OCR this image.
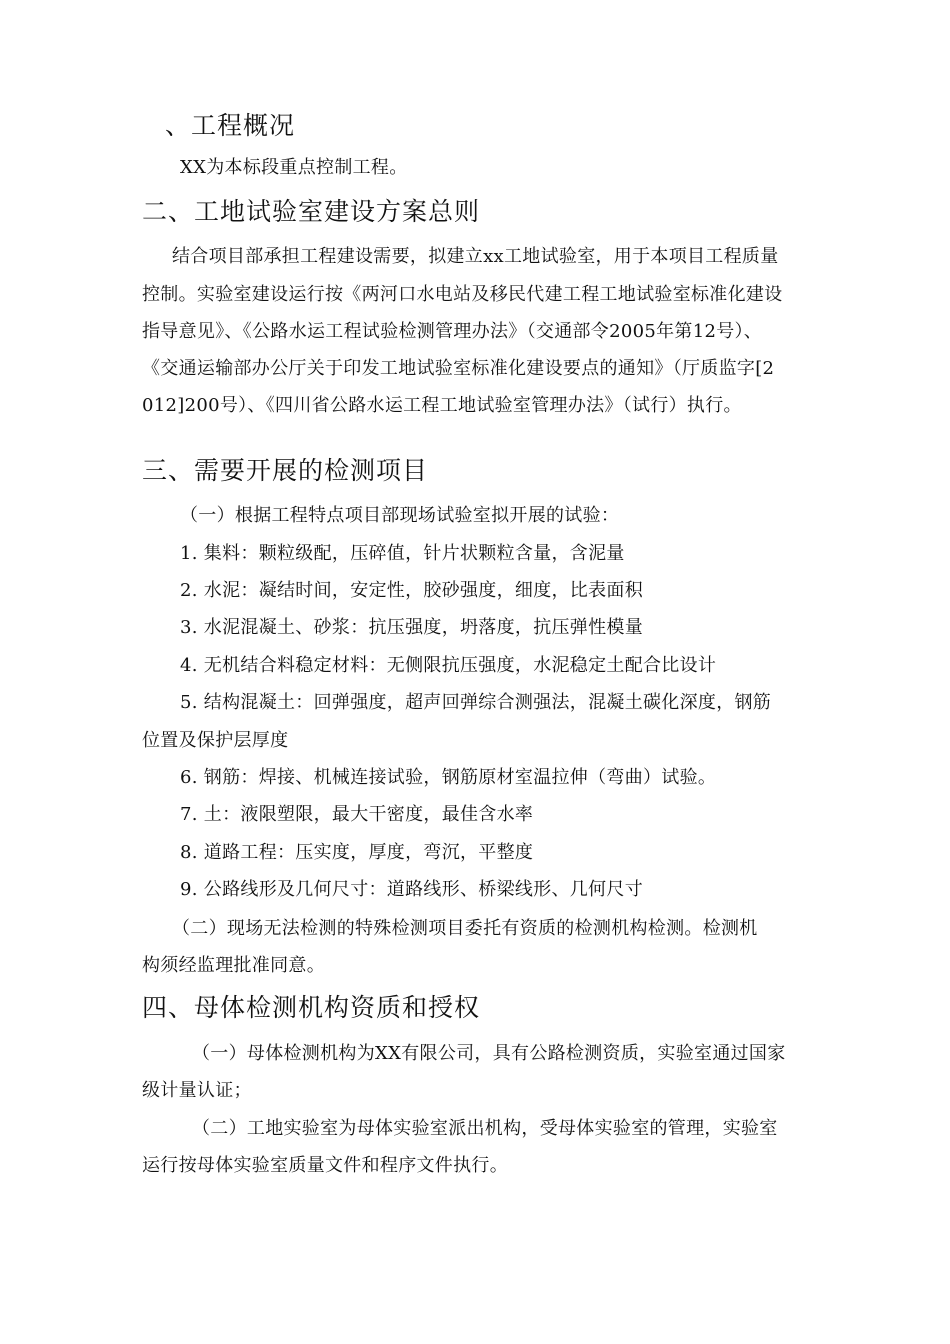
、工程概况
XX为本标段重点控制工程。
二、工地试验室建设方案总则
结合项目部承担工程建设需要，拟建立xx工地试验室，用于本项目工程质量
控制。实验室建设运行按《两河口水电站及移民代建工程工地试验室标准化建设
指导意见》、《公路水运工程试验检测管理办法》（交通部令2005年第12号）、
《交通运输部办公厅关于印发工地试验室标准化建设要点的通知》（厅质监字[2
012]200号）、《四川省公路水运工程工地试验室管理办法》（试行）执行。
三、需要开展的检测项目
（一）根据工程特点项目部现场试验室拟开展的试验：
1. 集料：颗粒级配，压碎值，针片状颗粒含量，含泥量
2. 水泥：凝结时间，安定性，胶砂强度，细度，比表面积
3. 水泥混凝土、砂浆：抗压强度，坍落度，抗压弹性模量
4. 无机结合料稳定材料：无侧限抗压强度，水泥稳定土配合比设计
5. 结构混凝土：回弹强度，超声回弹综合测强法，混凝土碳化深度，钢筋
位置及保护层厚度
6. 钢筋：焊接、机械连接试验，钢筋原材室温拉伸（弯曲）试验。
7. 土：液限塑限，最大干密度，最佳含水率
8. 道路工程：压实度，厚度，弯沉，平整度
9. 公路线形及几何尺寸：道路线形、桥梁线形、几何尺寸
（二）现场无法检测的特殊检测项目委托有资质的检测机构检测。检测机
构须经监理批准同意。
四、母体检测机构资质和授权
（一）母体检测机构为XX有限公司，具有公路检测资质，实验室通过国家
级计量认证；
（二）工地实验室为母体实验室派出机构，受母体实验室的管理，实验室
运行按母体实验室质量文件和程序文件执行。
